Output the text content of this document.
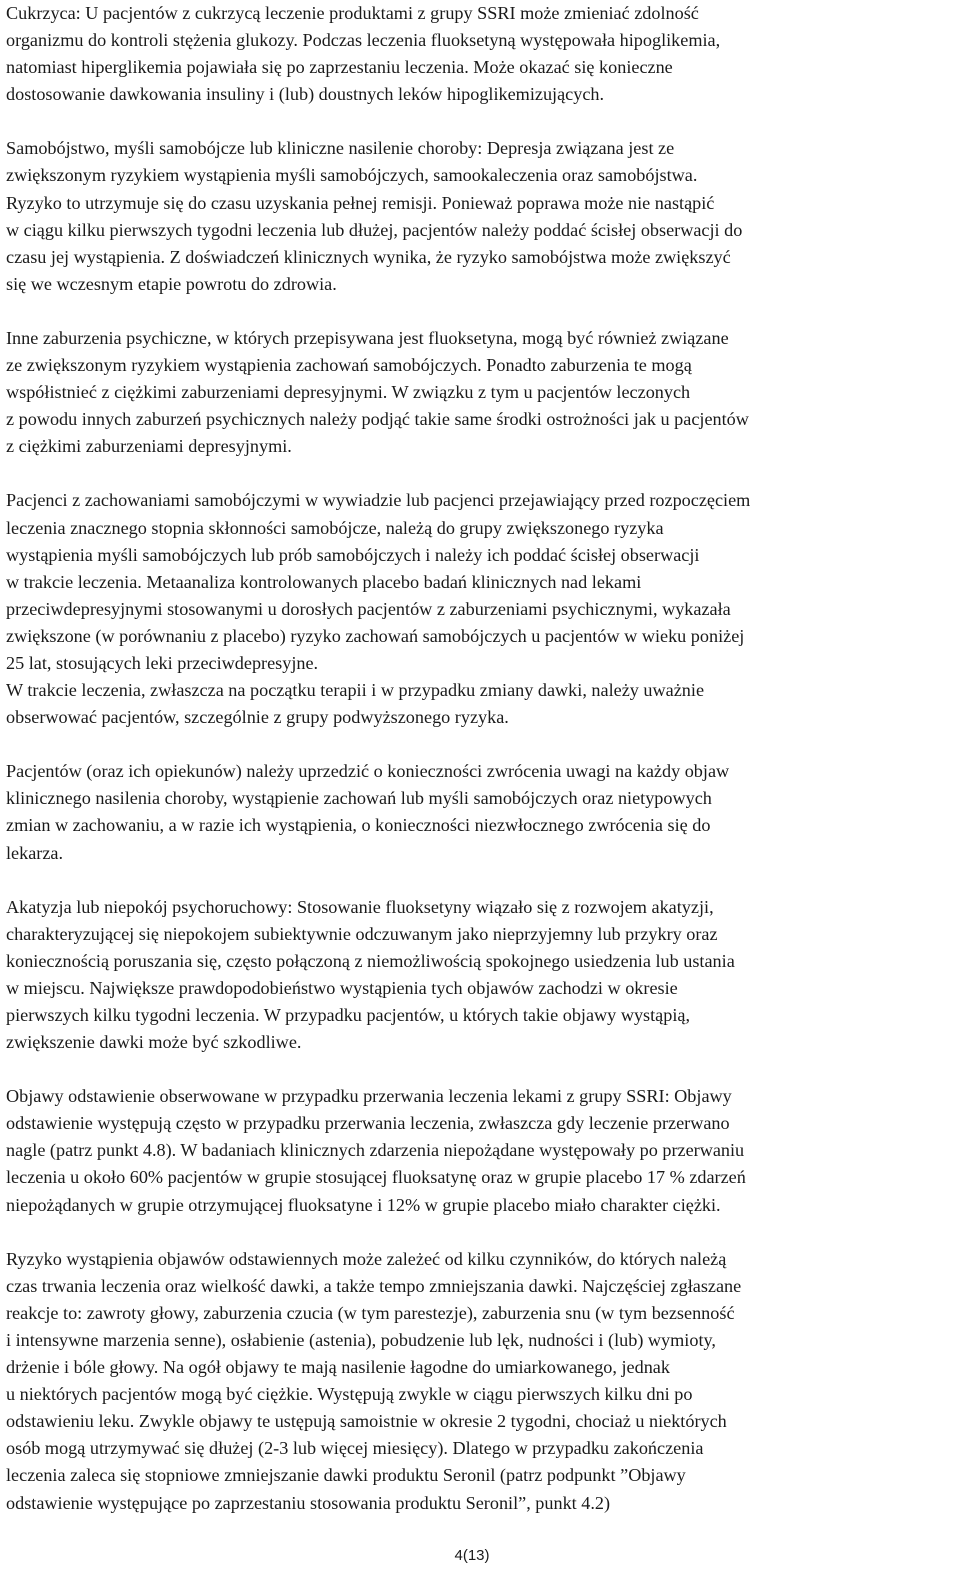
Cukrzyca: U pacjentów z cukrzycą leczenie produktami z grupy SSRI może zmieniać zdolność

organizmu do kontroli stężenia glukozy. Podczas leczenia fluoksetyną występowała hipoglikemia,

natomiast hiperglikemia pojawiała się po zaprzestaniu leczenia. Może okazać się konieczne

dostosowanie dawkowania insuliny i (lub) doustnych leków hipoglikemizujących.

Samobójstwo, myśli samobójcze lub kliniczne nasilenie choroby: Depresja związana jest ze

zwiększonym ryzykiem wystąpienia myśli samobójczych, samookaleczenia oraz samobójstwa.

Ryzyko to utrzymuje się do czasu uzyskania pełnej remisji. Ponieważ poprawa może nie nastąpić

w ciągu kilku pierwszych tygodni leczenia lub dłużej, pacjentów należy poddać ścisłej obserwacji do

czasu jej wystąpienia. Z doświadczeń klinicznych wynika, że ryzyko samobójstwa może zwiększyć

się we wczesnym etapie powrotu do zdrowia.

Inne zaburzenia psychiczne, w których przepisywana jest fluoksetyna, mogą być również związane

ze zwiększonym ryzykiem wystąpienia zachowań samobójczych. Ponadto zaburzenia te mogą

współistnieć z ciężkimi zaburzeniami depresyjnymi. W związku z tym u pacjentów leczonych

z powodu innych zaburzeń psychicznych należy podjąć takie same środki ostrożności jak u pacjentów

z ciężkimi zaburzeniami depresyjnymi.

Pacjenci z zachowaniami samobójczymi w wywiadzie lub pacjenci przejawiający przed rozpoczęciem

leczenia znacznego stopnia skłonności samobójcze, należą do grupy zwiększonego ryzyka

wystąpienia myśli samobójczych lub prób samobójczych i należy ich poddać ścisłej obserwacji

w trakcie leczenia. Metaanaliza kontrolowanych placebo badań klinicznych nad lekami

przeciwdepresyjnymi stosowanymi u dorosłych pacjentów z zaburzeniami psychicznymi, wykazała

zwiększone (w porównaniu z placebo) ryzyko zachowań samobójczych u pacjentów w wieku poniżej

25 lat, stosujących leki przeciwdepresyjne.

W trakcie leczenia, zwłaszcza na początku terapii i w przypadku zmiany dawki, należy uważnie

obserwować pacjentów, szczególnie z grupy podwyższonego ryzyka.

Pacjentów (oraz ich opiekunów) należy uprzedzić o konieczności zwrócenia uwagi na każdy objaw

klinicznego nasilenia choroby, wystąpienie zachowań lub myśli samobójczych oraz nietypowych

zmian w zachowaniu, a w razie ich wystąpienia, o konieczności niezwłocznego zwrócenia się do

lekarza.

Akatyzja lub niepokój psychoruchowy: Stosowanie fluoksetyny wiązało się z rozwojem akatyzji,

charakteryzującej się niepokojem subiektywnie odczuwanym jako nieprzyjemny lub przykry oraz

koniecznością poruszania się, często połączoną z niemożliwością spokojnego usiedzenia lub ustania

w miejscu. Największe prawdopodobieństwo wystąpienia tych objawów zachodzi w okresie

pierwszych kilku tygodni leczenia. W przypadku pacjentów, u których takie objawy wystąpią,

zwiększenie dawki może być szkodliwe.

Objawy odstawienie obserwowane w przypadku przerwania leczenia lekami z grupy SSRI: Objawy

odstawienie występują często w przypadku przerwania leczenia, zwłaszcza gdy leczenie przerwano

nagle (patrz punkt 4.8). W badaniach klinicznych zdarzenia niepożądane występowały po przerwaniu

leczenia u około 60% pacjentów w grupie stosującej fluoksatynę oraz w grupie placebo 17 % zdarzeń

niepożądanych w grupie otrzymującej fluoksatyne i 12% w grupie placebo miało charakter ciężki.

Ryzyko wystąpienia objawów odstawiennych może zależeć od kilku czynników, do których należą

czas trwania leczenia oraz wielkość dawki, a także tempo zmniejszania dawki. Najczęściej zgłaszane

reakcje to: zawroty głowy, zaburzenia czucia (w tym parestezje), zaburzenia snu (w tym bezsenność

i intensywne marzenia senne), osłabienie (astenia), pobudzenie lub lęk, nudności i (lub) wymioty,

drżenie i bóle głowy. Na ogół objawy te mają nasilenie łagodne do umiarkowanego, jednak

u niektórych pacjentów mogą być ciężkie. Występują zwykle w ciągu pierwszych kilku dni po

odstawieniu leku. Zwykle objawy te ustępują samoistnie w okresie 2 tygodni, chociaż u niektórych

osób mogą utrzymywać się dłużej (2-3 lub więcej miesięcy). Dlatego w przypadku zakończenia

leczenia zaleca się stopniowe zmniejszanie dawki produktu Seronil (patrz podpunkt ”Objawy

odstawienie występujące po zaprzestaniu stosowania produktu Seronil”, punkt 4.2)

4(13)
